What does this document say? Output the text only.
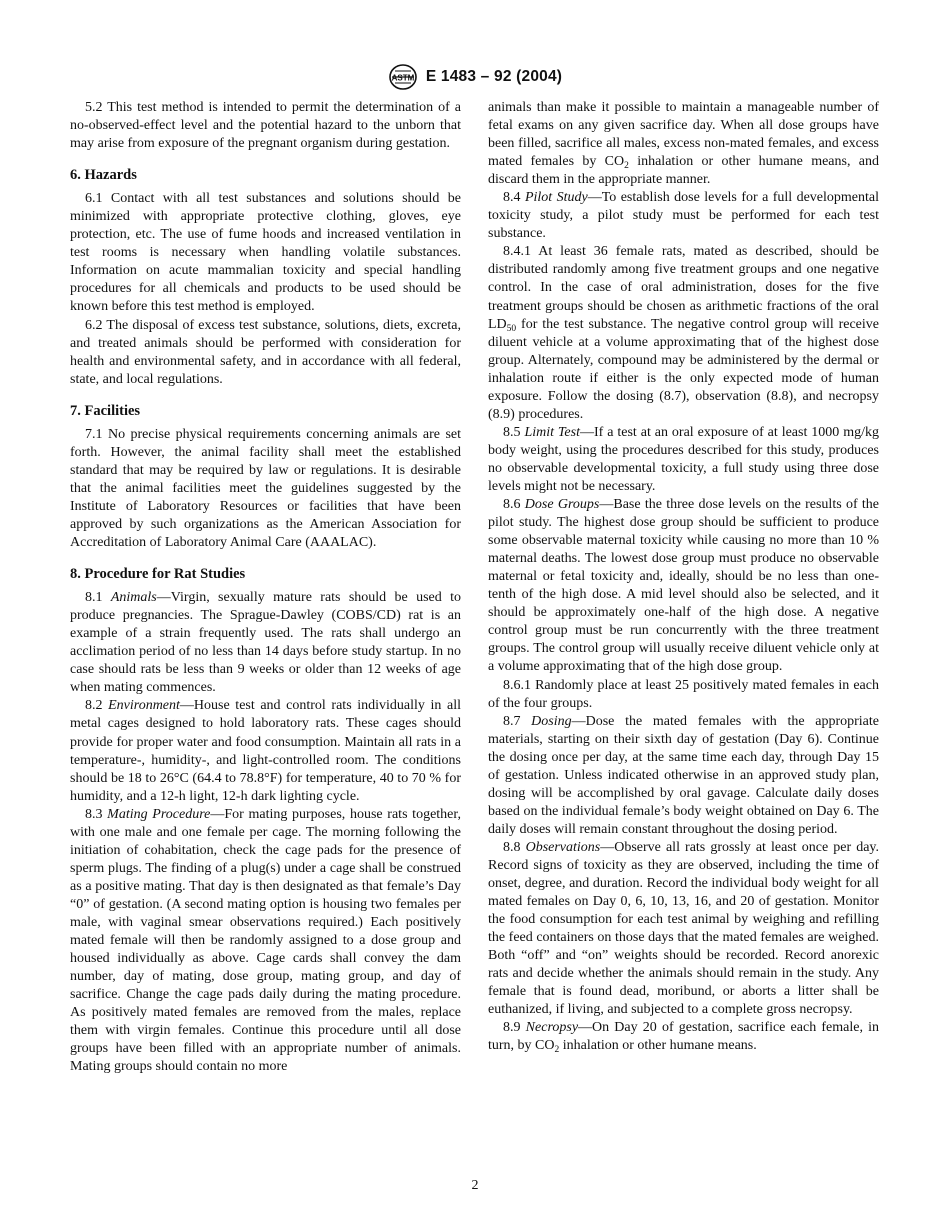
ASTM E 1483 – 92 (2004)

5.2 This test method is intended to permit the determination of a no-observed-effect level and the potential hazard to the unborn that may arise from exposure of the pregnant organism during gestation.

6. Hazards

6.1 Contact with all test substances and solutions should be minimized with appropriate protective clothing, gloves, eye protection, etc. The use of fume hoods and increased ventilation in test rooms is necessary when handling volatile substances. Information on acute mammalian toxicity and special handling procedures for all chemicals and products to be used should be known before this test method is employed.

6.2 The disposal of excess test substance, solutions, diets, excreta, and treated animals should be performed with consideration for health and environmental safety, and in accordance with all federal, state, and local regulations.

7. Facilities

7.1 No precise physical requirements concerning animals are set forth. However, the animal facility shall meet the established standard that may be required by law or regulations. It is desirable that the animal facilities meet the guidelines suggested by the Institute of Laboratory Resources or facilities that have been approved by such organizations as the American Association for Accreditation of Laboratory Animal Care (AAALAC).

8. Procedure for Rat Studies

8.1 Animals—Virgin, sexually mature rats should be used to produce pregnancies. The Sprague-Dawley (COBS/CD) rat is an example of a strain frequently used. The rats shall undergo an acclimation period of no less than 14 days before study startup. In no case should rats be less than 9 weeks or older than 12 weeks of age when mating commences.

8.2 Environment—House test and control rats individually in all metal cages designed to hold laboratory rats. These cages should provide for proper water and food consumption. Maintain all rats in a temperature-, humidity-, and light-controlled room. The conditions should be 18 to 26°C (64.4 to 78.8°F) for temperature, 40 to 70 % for humidity, and a 12-h light, 12-h dark lighting cycle.

8.3 Mating Procedure—For mating purposes, house rats together, with one male and one female per cage. The morning following the initiation of cohabitation, check the cage pads for the presence of sperm plugs. The finding of a plug(s) under a cage shall be construed as a positive mating. That day is then designated as that female’s Day “0” of gestation. (A second mating option is housing two females per male, with vaginal smear observations required.) Each positively mated female will then be randomly assigned to a dose group and housed individually as above. Cage cards shall convey the dam number, day of mating, dose group, mating group, and day of sacrifice. Change the cage pads daily during the mating procedure. As positively mated females are removed from the males, replace them with virgin females. Continue this procedure until all dose groups have been filled with an appropriate number of animals. Mating groups should contain no more

animals than make it possible to maintain a manageable number of fetal exams on any given sacrifice day. When all dose groups have been filled, sacrifice all males, excess non-mated females, and excess mated females by $CO_2$ inhalation or other humane means, and discard them in the appropriate manner.

8.4 Pilot Study—To establish dose levels for a full developmental toxicity study, a pilot study must be performed for each test substance.

8.4.1 At least 36 female rats, mated as described, should be distributed randomly among five treatment groups and one negative control. In the case of oral administration, doses for the five treatment groups should be chosen as arithmetic fractions of the oral $LD_{50}$ for the test substance. The negative control group will receive diluent vehicle at a volume approximating that of the highest dose group. Alternately, compound may be administered by the dermal or inhalation route if either is the only expected mode of human exposure. Follow the dosing (8.7), observation (8.8), and necropsy (8.9) procedures.

8.5 Limit Test—If a test at an oral exposure of at least 1000 mg/kg body weight, using the procedures described for this study, produces no observable developmental toxicity, a full study using three dose levels might not be necessary.

8.6 Dose Groups—Base the three dose levels on the results of the pilot study. The highest dose group should be sufficient to produce some observable maternal toxicity while causing no more than 10 % maternal deaths. The lowest dose group must produce no observable maternal or fetal toxicity and, ideally, should be no less than one-tenth of the high dose. A mid level should also be selected, and it should be approximately one-half of the high dose. A negative control group must be run concurrently with the three treatment groups. The control group will usually receive diluent vehicle only at a volume approximating that of the high dose group.

8.6.1 Randomly place at least 25 positively mated females in each of the four groups.

8.7 Dosing—Dose the mated females with the appropriate materials, starting on their sixth day of gestation (Day 6). Continue the dosing once per day, at the same time each day, through Day 15 of gestation. Unless indicated otherwise in an approved study plan, dosing will be accomplished by oral gavage. Calculate daily doses based on the individual female’s body weight obtained on Day 6. The daily doses will remain constant throughout the dosing period.

8.8 Observations—Observe all rats grossly at least once per day. Record signs of toxicity as they are observed, including the time of onset, degree, and duration. Record the individual body weight for all mated females on Day 0, 6, 10, 13, 16, and 20 of gestation. Monitor the food consumption for each test animal by weighing and refilling the feed containers on those days that the mated females are weighed. Both “off” and “on” weights should be recorded. Record anorexic rats and decide whether the animals should remain in the study. Any female that is found dead, moribund, or aborts a litter shall be euthanized, if living, and subjected to a complete gross necropsy.

8.9 Necropsy—On Day 20 of gestation, sacrifice each female, in turn, by $CO_2$ inhalation or other humane means.

2
